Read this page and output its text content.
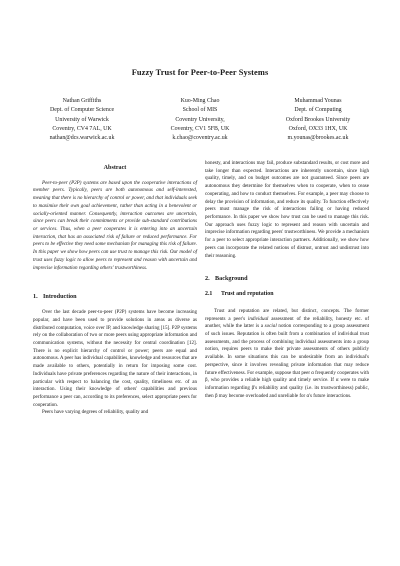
Fuzzy Trust for Peer-to-Peer Systems
Nathan Griffiths
Dept. of Computer Science
University of Warwick
Coventry, CV4 7AL, UK
nathan@dcs.warwick.ac.uk
Kuo-Ming Chao
School of MIS
Coventry University,
Coventry, CV1 5FB, UK
k.chao@coventry.ac.uk
Muhammad Younas
Dept. of Computing
Oxford Brookes University
Oxford, OX33 1HX, UK
m.younas@brookes.ac.uk
Abstract

Peer-to-peer (P2P) systems are based upon the cooperative interactions of member peers. Typically, peers are both autonomous and self-interested, meaning that there is no hierarchy of control or power, and that individuals seek to maximise their own goal achievement, rather than acting in a benevolent or socially-oriented manner. Consequently, interaction outcomes are uncertain, since peers can break their commitments or provide sub-standard contributions or services. Thus, when a peer cooperates it is entering into an uncertain interaction, that has an associated risk of failure or reduced performance. For peers to be effective they need some mechanism for managing this risk of failure. In this paper we show how peers can use trust to manage this risk. Our model of trust uses fuzzy logic to allow peers to represent and reason with uncertain and imprecise information regarding others' trustworthiness.

1. Introduction

Over the last decade peer-to-peer (P2P) systems have become increasing popular, and have been used to provide solutions in areas as diverse as distributed computation, voice over IP, and knowledge sharing [15]. P2P systems rely on the collaboration of two or more peers using appropriate information and communication systems, without the necessity for central coordination [12]. There is no explicit hierarchy of control or power; peers are equal and autonomous. A peer has individual capabilities, knowledge and resources that are made available to others, potentially in return for imposing some cost. Individuals have private preferences regarding the nature of their interactions, in particular with respect to balancing the cost, quality, timeliness etc. of an interaction. Using their knowledge of others' capabilities and previous performance a peer can, according to its preferences, select appropriate peers for cooperation.

Peers have varying degrees of reliability, quality and

honesty, and interactions may fail, produce substandard results, or cost more and take longer than expected. Interactions are inherently uncertain, since high quality, timely, and on budget outcomes are not guaranteed. Since peers are autonomous they determine for themselves when to cooperate, when to cease cooperating, and how to conduct themselves. For example, a peer may choose to delay the provision of information, and reduce its quality. To function effectively peers must manage the risk of interactions failing or having reduced performance. In this paper we show how trust can be used to manage this risk. Our approach uses fuzzy logic to represent and reason with uncertain and imprecise information regarding peers' trustworthiness. We provide a mechanism for a peer to select appropriate interaction partners. Additionally, we show how peers can incorporate the related notions of distrust, untrust and undistrust into their reasoning.

2. Background
2.1 Trust and reputation

Trust and reputation are related, but distinct, concepts. The former represents a peer's individual assessment of the reliability, honesty etc. of another, while the latter is a social notion corresponding to a group assessment of such issues. Reputation is often built from a combination of individual trust assessments, and the process of combining individual assessments into a group notion, requires peers to make their private assessments of others publicly available. In some situations this can be undesirable from an individual's perspective, since it involves revealing private information that may reduce future effectiveness. For example, suppose that peer α frequently cooperates with β, who provides a reliable high quality and timely service. If α were to make information regarding β's reliability and quality (i.e. its trustworthiness) public, then β may become overloaded and unreliable for α's future interactions.
